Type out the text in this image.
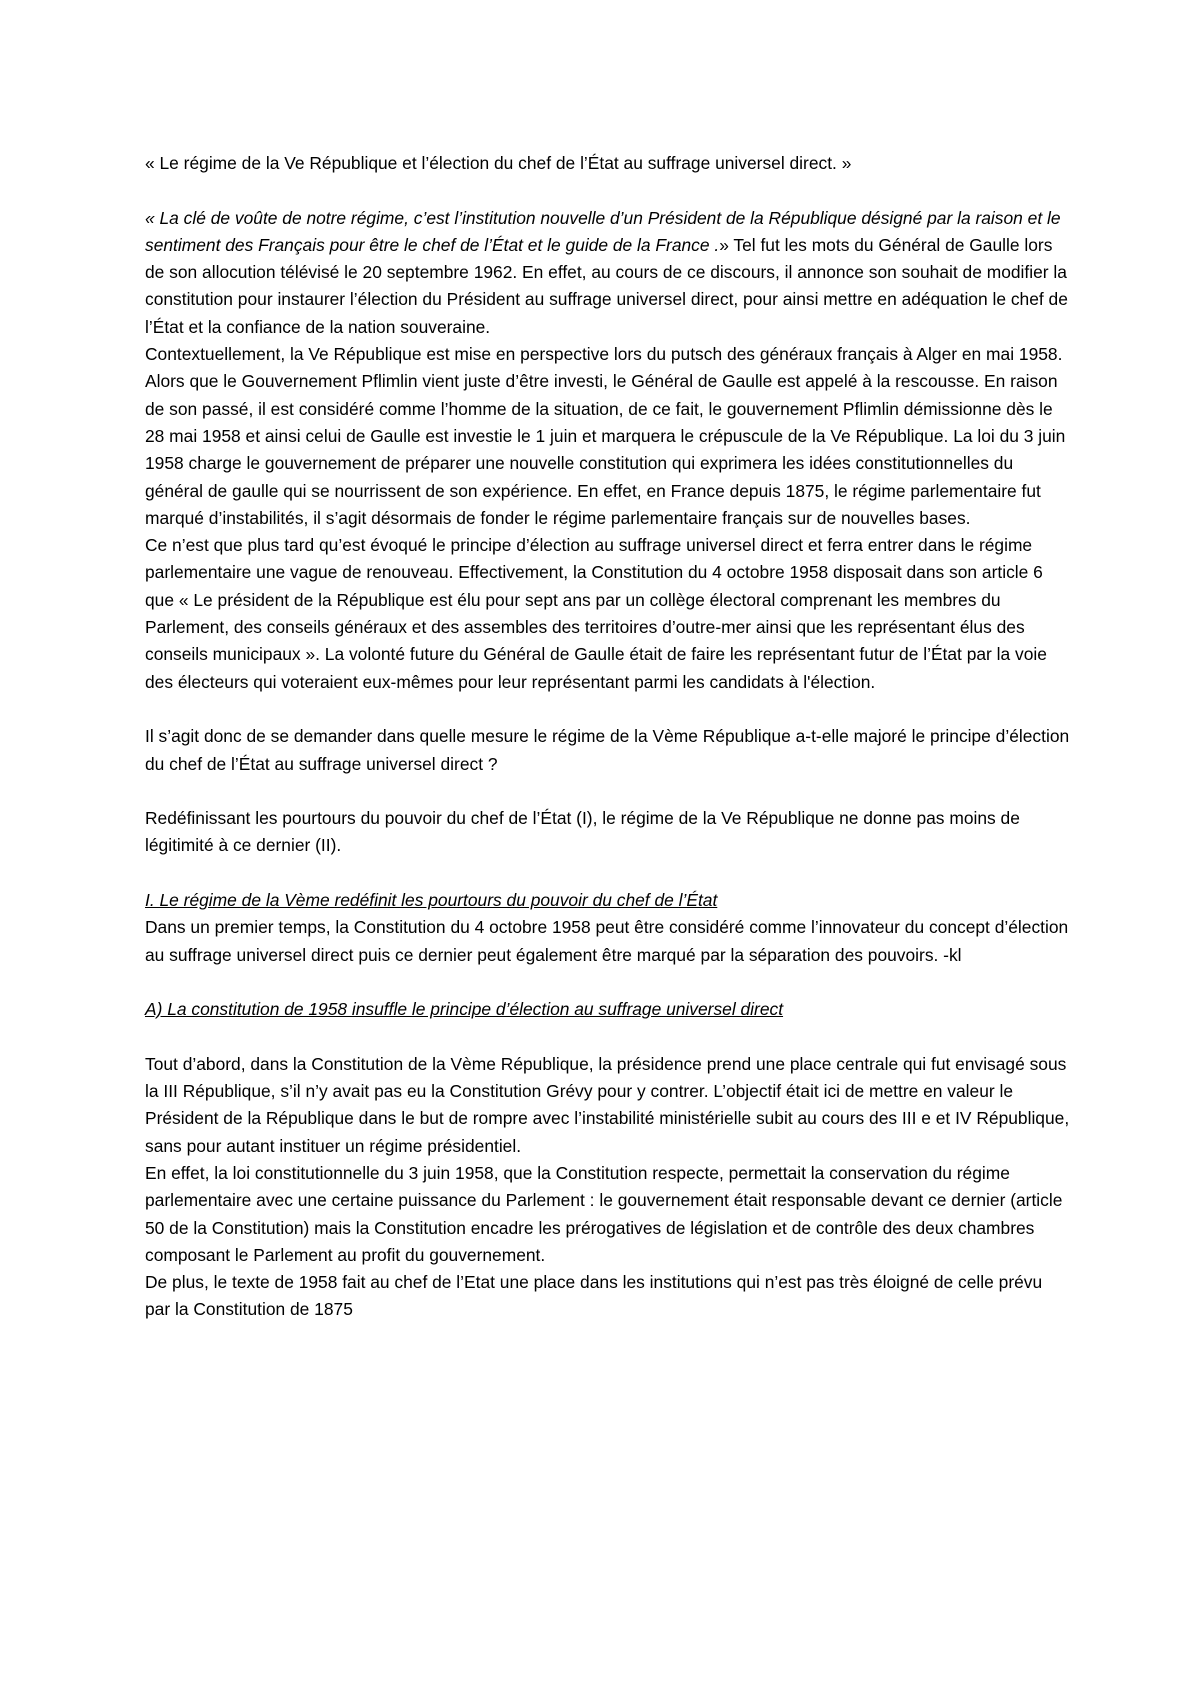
« Le régime de la Ve République et l’élection du chef de l’État au suffrage universel direct. »

« La clé de voûte de notre régime, c’est l’institution nouvelle d’un Président de la République désigné par la raison et le sentiment des Français pour être le chef de l’État et le guide de la France .» Tel fut les mots du Général de Gaulle lors de son allocution télévisé le 20 septembre 1962. En effet, au cours de ce discours, il annonce son souhait de modifier la constitution pour instaurer l’élection du Président au suffrage universel direct, pour ainsi mettre en adéquation le chef de l’État et la confiance de la nation souveraine.

Contextuellement, la Ve République est mise en perspective lors du putsch des généraux français à Alger en mai 1958. Alors que le Gouvernement Pflimlin vient juste d’être investi, le Général de Gaulle est appelé à la rescousse. En raison de son passé, il est considéré comme l’homme de la situation, de ce fait, le gouvernement Pflimlin démissionne dès le 28 mai 1958 et ainsi celui de Gaulle est investie le 1 juin et marquera le crépuscule de la Ve République. La loi du 3 juin 1958 charge le gouvernement de préparer une nouvelle constitution qui exprimera les idées constitutionnelles du général de gaulle qui se nourrissent de son expérience. En effet, en France depuis 1875, le régime parlementaire fut marqué d’instabilités, il s’agit désormais de fonder le régime parlementaire français sur de nouvelles bases.

Ce n’est que plus tard qu’est évoqué le principe d’élection au suffrage universel direct et ferra entrer dans le régime parlementaire une vague de renouveau. Effectivement, la Constitution du 4 octobre 1958 disposait dans son article 6 que « Le président de la République est élu pour sept ans par un collège électoral comprenant les membres du Parlement, des conseils généraux et des assembles des territoires d’outre-mer ainsi que les représentant élus des conseils municipaux ». La volonté future du Général de Gaulle était de faire les représentant futur de l’État par la voie des électeurs qui voteraient eux-mêmes pour leur représentant parmi les candidats à l'élection.

Il s’agit donc de se demander dans quelle mesure le régime de la Vème République a-t-elle majoré le principe d’élection du chef de l’État au suffrage universel direct ?

Redéfinissant les pourtours du pouvoir du chef de l’État (I), le régime de la Ve République ne donne pas moins de légitimité à ce dernier (II).

I. Le régime de la Vème redéfinit les pourtours du pouvoir du chef de l’État

Dans un premier temps, la Constitution du 4 octobre 1958 peut être considéré comme l’innovateur du concept d’élection au suffrage universel direct puis ce dernier peut également être marqué par la séparation des pouvoirs. -kl

A) La constitution de 1958 insuffle le principe d’élection au suffrage universel direct

Tout d’abord, dans la Constitution de la Vème République, la présidence prend une place centrale qui fut envisagé sous la III République, s’il n’y avait pas eu la Constitution Grévy pour y contrer. L’objectif était ici de mettre en valeur le Président de la République dans le but de rompre avec l’instabilité ministérielle subit au cours des III e et IV République, sans pour autant instituer un régime présidentiel.

En effet, la loi constitutionnelle du 3 juin 1958, que la Constitution respecte, permettait la conservation du régime parlementaire avec une certaine puissance du Parlement : le gouvernement était responsable devant ce dernier (article 50 de la Constitution) mais la Constitution encadre les prérogatives de législation et de contrôle des deux chambres composant le Parlement au profit du gouvernement.

De plus, le texte de 1958 fait au chef de l’Etat une place dans les institutions qui n’est pas très éloigné de celle prévu par la Constitution de 1875
